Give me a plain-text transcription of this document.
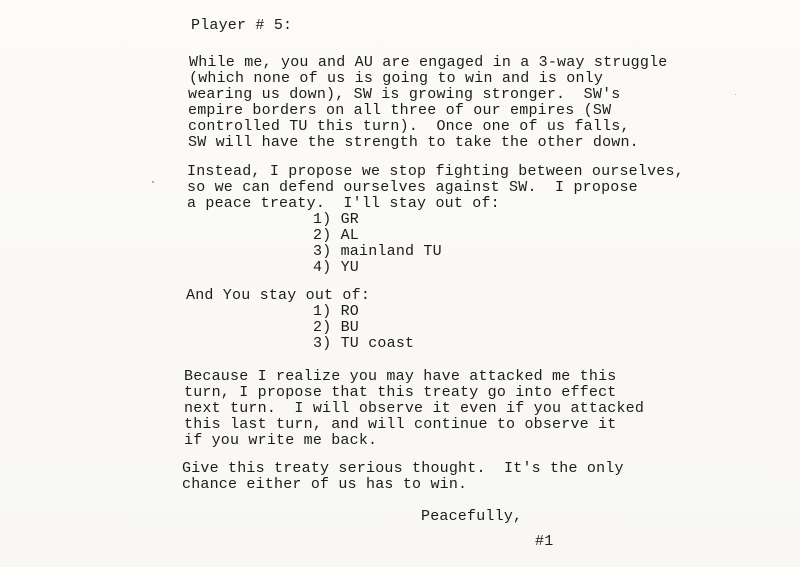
Player # 5:
While me, you and AU are engaged in a 3-way struggle
(which none of us is going to win and is only
wearing us down), SW is growing stronger.  SW's
empire borders on all three of our empires (SW
controlled TU this turn).  Once one of us falls,
SW will have the strength to take the other down.
Instead, I propose we stop fighting between ourselves,
so we can defend ourselves against SW.  I propose
a peace treaty.  I'll stay out of:
1) GR
2) AL
3) mainland TU
4) YU
And You stay out of:
1) RO
2) BU
3) TU coast
Because I realize you may have attacked me this
turn, I propose that this treaty go into effect
next turn.  I will observe it even if you attacked
this last turn, and will continue to observe it
if you write me back.
Give this treaty serious thought.  It's the only
chance either of us has to win.
Peacefully,
#1
